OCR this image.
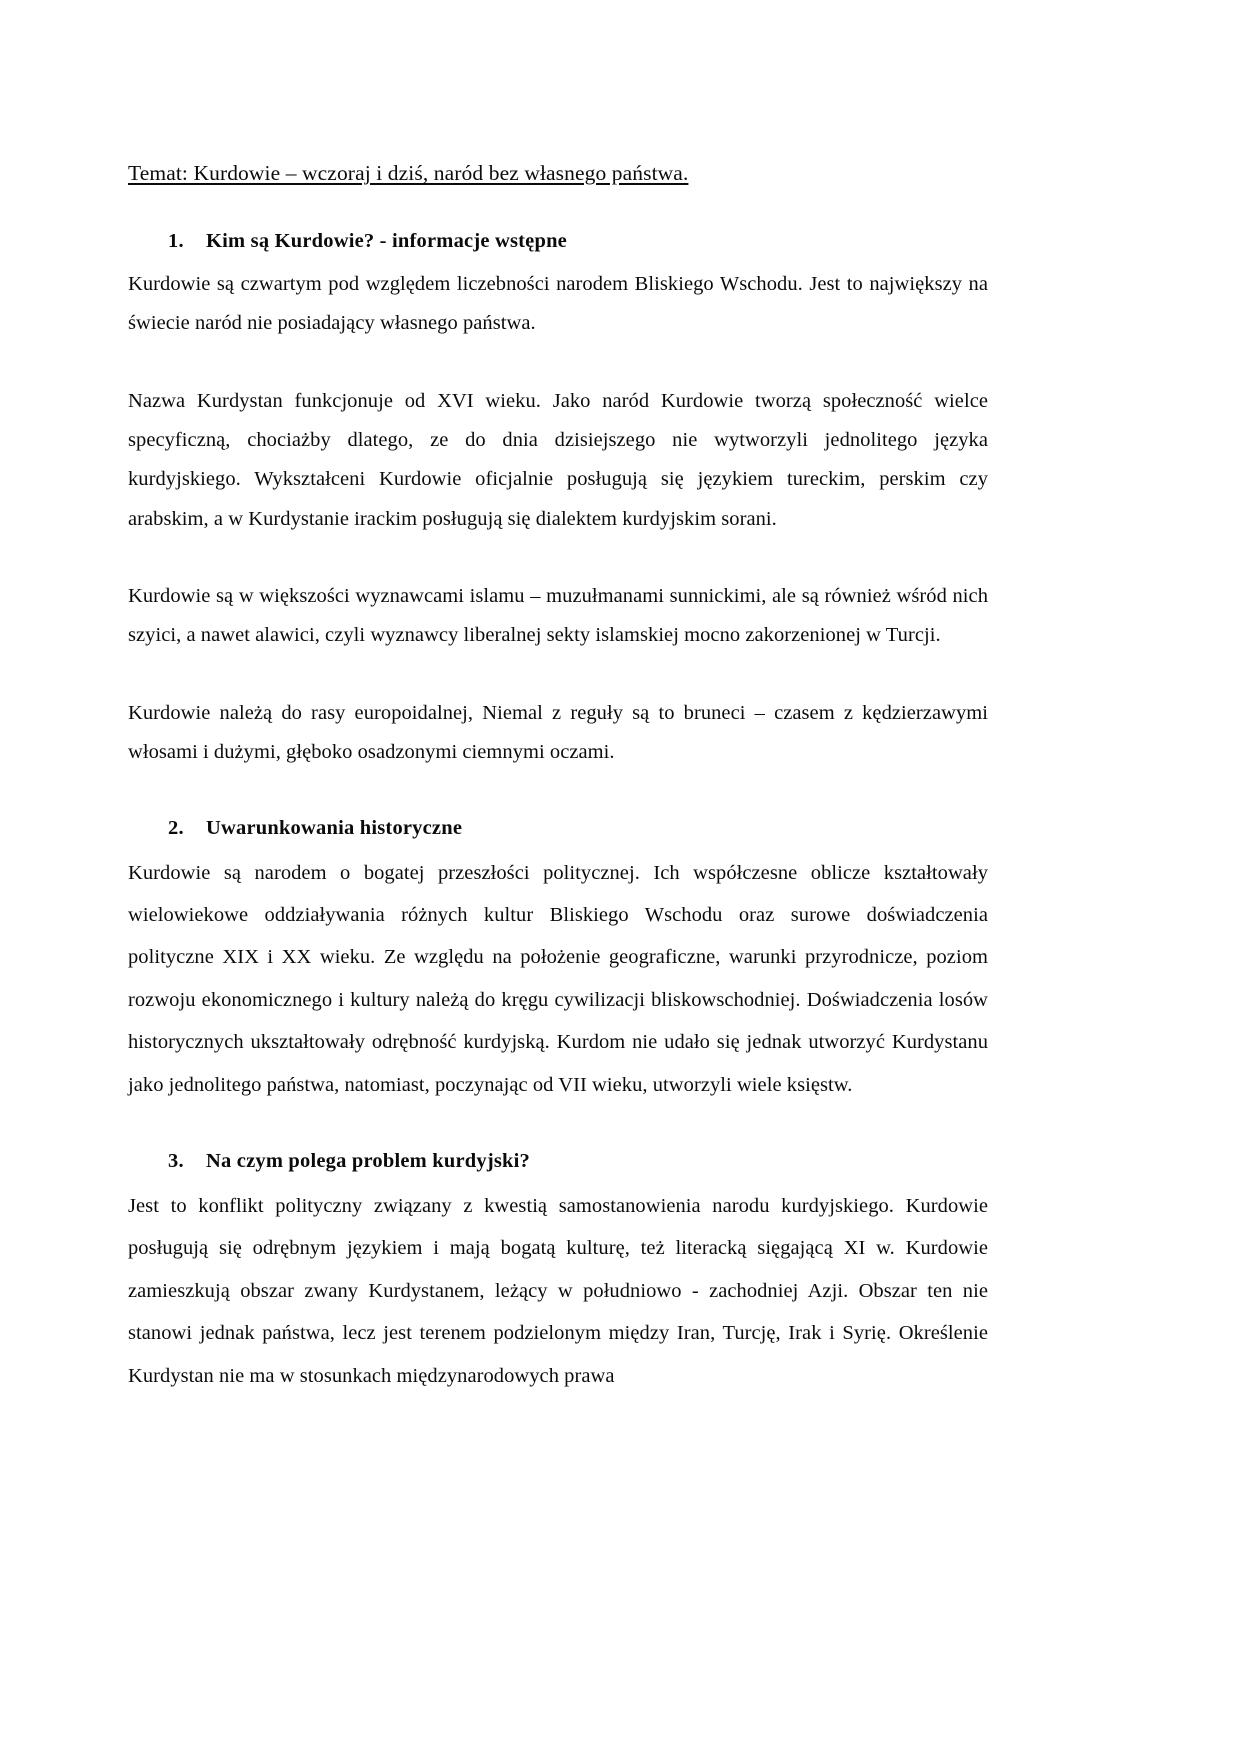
Temat: Kurdowie – wczoraj i dziś, naród bez własnego państwa.
1.	Kim są Kurdowie? - informacje wstępne

Kurdowie są czwartym pod względem liczebności narodem Bliskiego Wschodu. Jest to największy na świecie naród nie posiadający własnego państwa.

Nazwa Kurdystan funkcjonuje od XVI wieku. Jako naród Kurdowie tworzą społeczność wielce specyficzną, chociażby dlatego, ze do dnia dzisiejszego nie wytworzyli jednolitego języka kurdyjskiego. Wykształceni Kurdowie oficjalnie posługują się językiem tureckim, perskim czy arabskim, a w Kurdystanie irackim posługują się dialektem kurdyjskim sorani.

Kurdowie są w większości wyznawcami islamu – muzułmanami sunnickimi, ale są również wśród nich szyici, a nawet alawici, czyli wyznawcy liberalnej sekty islamskiej mocno zakorzenionej w Turcji.

Kurdowie należą do rasy europoidalnej, Niemal z reguły są to bruneci – czasem z kędzierzawymi włosami i dużymi, głęboko osadzonymi ciemnymi oczami.

2.	Uwarunkowania historyczne

Kurdowie są narodem o bogatej przeszłości politycznej. Ich współczesne oblicze kształtowały wielowiekowe oddziaływania różnych kultur Bliskiego Wschodu oraz surowe doświadczenia polityczne XIX i XX wieku. Ze względu na położenie geograficzne, warunki przyrodnicze, poziom rozwoju ekonomicznego i kultury należą do kręgu cywilizacji bliskowschodniej. Doświadczenia losów historycznych ukształtowały odrębność kurdyjską. Kurdom nie udało się jednak utworzyć Kurdystanu jako jednolitego państwa, natomiast, poczynając od VII wieku, utworzyli wiele księstw.

3.	Na czym polega problem kurdyjski?

Jest to konflikt polityczny związany z kwestią samostanowienia narodu kurdyjskiego. Kurdowie posługują się odrębnym językiem i mają bogatą kulturę, też literacką sięgającą XI w. Kurdowie zamieszkują obszar zwany Kurdystanem, leżący w południowo - zachodniej Azji. Obszar ten nie stanowi jednak państwa, lecz jest terenem podzielonym między Iran, Turcję, Irak i Syrię. Określenie Kurdystan nie ma w stosunkach międzynarodowych prawa
